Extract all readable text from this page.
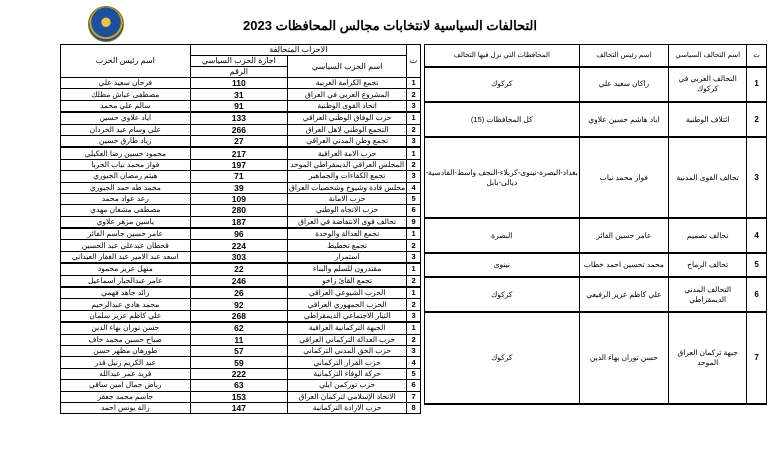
التحالفات السياسية لانتخابات مجالس المحافظات 2023
ت	الاحزاب المتحالفة		اسم رئيس الحزب
	اسم الحزب السياسي	اجازة الحزب السياسي
الرقم	

1	تجمع الكرامة العربية	110	فرحان سعيد علي
2	المشروع العربي في العراق	31	مصطفى عياش مطلك
3	اتحاد القوى الوطنية	91	سالم علي محمد
1	حزب الوفاق الوطني العراقي	133	اياد علاوي حسين
2	التجمع الوطني لاهل العراق	266	علي وسام عبد الحردان
3	تجمع وطن المدني العراقي	27	زياد طارق حسين
1	حزب الامة العراقية	217	محمود حسين رضا العكيلي
2	المجلس العراقي الديمقراطي الموحد	197	فواز محمد نياب الجربا
3	تجمع الكفاءات والجماهير	71	هيثم رمضان الجبوري
4	مجلس قادة وشيوخ وشخصيات العراق	39	محمد طه حمد الجبوري
5	حزب الامانة	109	رعد عواد محمد
6	حزب الاتجاه الوطني	280	مصطفى مشعان مهدي
9	تحالف قوى الانتفاضة في العراق	187	ياسين مزهر علاوي
1	تجمع العدالة والوحدة	96	عامر حسين جاسم الفائز
2	تجمع تخطيط	224	قحطان عبدعلي عبد الحسين
3	استمرار	303	اسعد عبد الامير عبد الغفار العيداني
1	مقتدرون للسلم والبناء	22	منهل عزيز محمود
2	تجمع القائ زاخو	246	عامر عبدالجبار اسماعيل
1	الحزب الشيوعي العراقي	26	رائد جاهد فهمي
2	الحزب الجمهوري العراقي	92	محمد هادي عبدالرحيم
3	التيار الاجتماعي الديمقراطي	268	علي كاظم عزيز سلمان
1	الجبهة التركمانية العراقية	62	حسن توران بهاء الدين
2	حزب العدالة التركماني العراقي	11	صباح حسين محمد خاف
3	حزب الحق المدني التركماني	57	طورهان مظهر حسن
4	حزب القرار التركماني	59	عبد الكريم زنيل قدر
5	حركة الوفاء التركمانية	222	فريد عمر عبدالله
6	حزب توركمن ايلي	63	رياض جمال امين ساقي
7	الاتحاد الإسلامي لتركمان العراق	153	جاسم محمد جعفر
8	حزب الارادة التركمانية	147	زالة يونس احمد
ت	اسم التحالف السياسي	اسم رئيس التحالف	المحافظات التي نزل فيها التحالف
1	التحالف العربي في كركوك	راكان سعيد علي	كركوك
2	ائتلاف الوطنية	اياد هاشم حسين علاوي	كل المحافظات (15)
3	تحالف القوى المدنية	فواز محمد نياب	بغداد-البصرة-نينوى-كربلاء-النجف واسط-القادسية-ديالى-بابل
4	تحالف تصميم	عامر حسين الفائز	البصرة
5	تحالف الرماح	محمد تحسين احمد خطاب	نينوى
6	التحالف المدني الديمقراطي	علي كاظم عزيز الرفيعي	كركوك
7	جبهة تركمان العراق الموحد	حسن توران بهاء الدين	كركوك
